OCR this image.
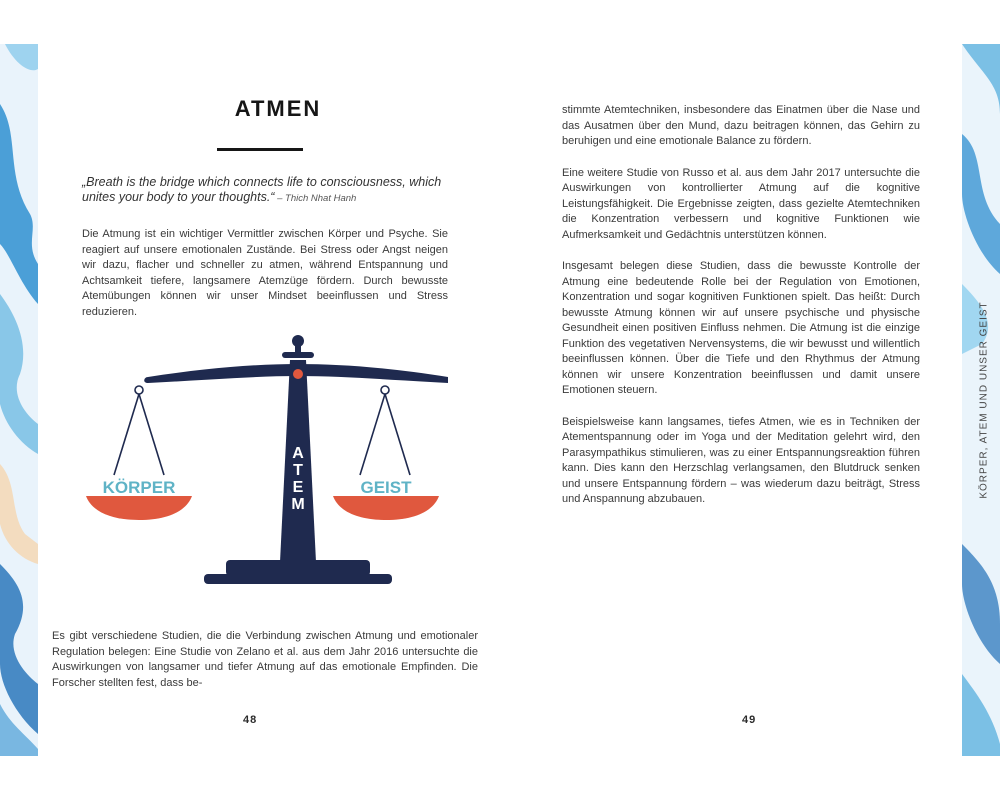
ATMEN
„Breath is the bridge which connects life to consciousness, which unites your body to your thoughts.“ – Thich Nhat Hanh

Die Atmung ist ein wichtiger Vermittler zwischen Körper und Psyche. Sie reagiert auf unsere emotionalen Zustände. Bei Stress oder Angst neigen wir dazu, flacher und schneller zu atmen, während Entspannung und Achtsamkeit tiefere, langsamere Atemzüge fördern. Durch bewusste Atemübungen können wir unser Mindset beeinflussen und Stress reduzieren.

A
T
E
M
KÖRPER	GEIST

Es gibt verschiedene Studien, die die Verbindung zwischen Atmung und emotionaler Regulation belegen: Eine Studie von Zelano et al. aus dem Jahr 2016 untersuchte die Auswirkungen von langsamer und tiefer Atmung auf das emotionale Empfinden. Die Forscher stellten fest, dass be-

48

stimmte Atemtechniken, insbesondere das Einatmen über die Nase und das Ausatmen über den Mund, dazu beitragen können, das Gehirn zu beruhigen und eine emotionale Balance zu fördern.

Eine weitere Studie von Russo et al. aus dem Jahr 2017 untersuchte die Auswirkungen von kontrollierter Atmung auf die kognitive Leistungsfähigkeit. Die Ergebnisse zeigten, dass gezielte Atemtechniken die Konzentration verbessern und kognitive Funktionen wie Aufmerksamkeit und Gedächtnis unterstützen können.

Insgesamt belegen diese Studien, dass die bewusste Kontrolle der Atmung eine bedeutende Rolle bei der Regulation von Emotionen, Konzentration und sogar kognitiven Funktionen spielt. Das heißt: Durch bewusste Atmung können wir auf unsere psychische und physische Gesundheit einen positiven Einfluss nehmen. Die Atmung ist die einzige Funktion des vegetativen Nervensystems, die wir bewusst und willentlich beeinflussen können. Über die Tiefe und den Rhythmus der Atmung können wir unsere Konzentration beeinflussen und damit unsere Emotionen steuern.

Beispielsweise kann langsames, tiefes Atmen, wie es in Techniken der Atementspannung oder im Yoga und der Meditation gelehrt wird, den Parasympathikus stimulieren, was zu einer Entspannungsreaktion führen kann. Dies kann den Herzschlag verlangsamen, den Blutdruck senken und unsere Entspannung fördern – was wiederum dazu beiträgt, Stress und Anspannung abzubauen.

49
KÖRPER, ATEM UND UNSER GEIST
